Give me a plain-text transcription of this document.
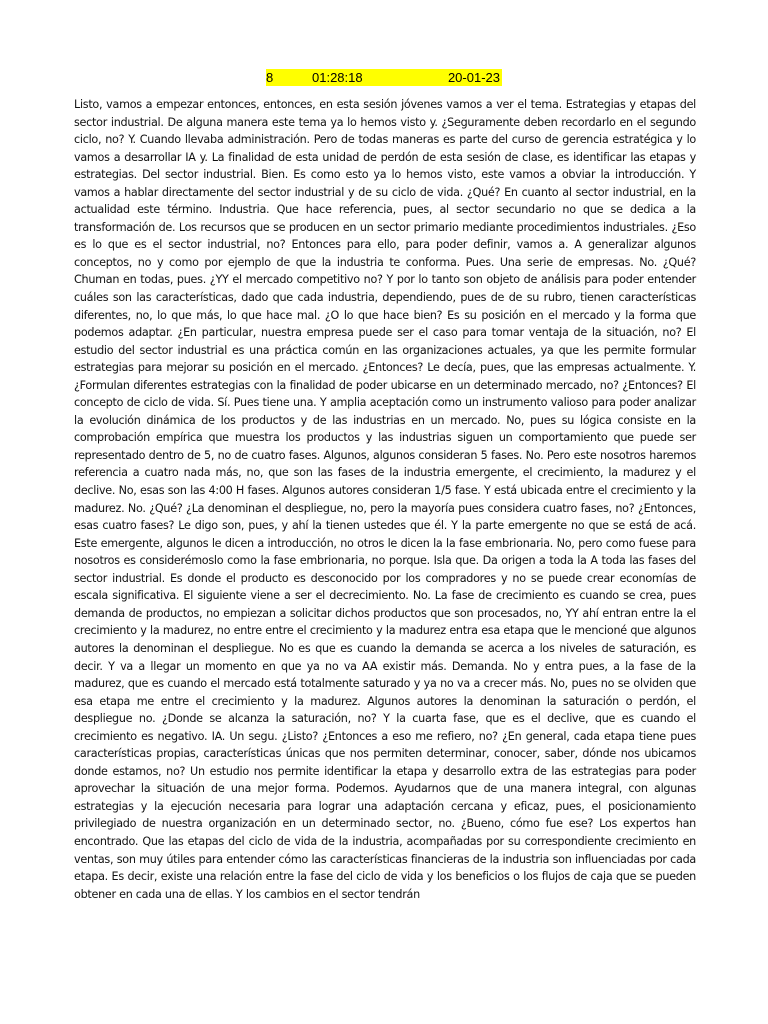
8	01:28:18	20-01-23

Listo, vamos a empezar entonces, entonces, en esta sesión jóvenes vamos a ver el tema. Estrategias y etapas del sector industrial. De alguna manera este tema ya lo hemos visto y. ¿Seguramente deben recordarlo en el segundo ciclo, no? Y. Cuando llevaba administración. Pero de todas maneras es parte del curso de gerencia estratégica y lo vamos a desarrollar IA y. La finalidad de esta unidad de perdón de esta sesión de clase, es identificar las etapas y estrategias. Del sector industrial. Bien. Es como esto ya lo hemos visto, este vamos a obviar la introducción. Y vamos a hablar directamente del sector industrial y de su ciclo de vida. ¿Qué? En cuanto al sector industrial, en la actualidad este término. Industria. Que hace referencia, pues, al sector secundario no que se dedica a la transformación de. Los recursos que se producen en un sector primario mediante procedimientos industriales. ¿Eso es lo que es el sector industrial, no? Entonces para ello, para poder definir, vamos a. A generalizar algunos conceptos, no y como por ejemplo de que la industria te conforma. Pues. Una serie de empresas. No. ¿Qué? Chuman en todas, pues. ¿YY el mercado competitivo no? Y por lo tanto son objeto de análisis para poder entender cuáles son las características, dado que cada industria, dependiendo, pues de de su rubro, tienen características diferentes, no, lo que más, lo que hace mal. ¿O lo que hace bien? Es su posición en el mercado y la forma que podemos adaptar. ¿En particular, nuestra empresa puede ser el caso para tomar ventaja de la situación, no? El estudio del sector industrial es una práctica común en las organizaciones actuales, ya que les permite formular estrategias para mejorar su posición en el mercado. ¿Entonces? Le decía, pues, que las empresas actualmente. Y. ¿Formulan diferentes estrategias con la finalidad de poder ubicarse en un determinado mercado, no? ¿Entonces? El concepto de ciclo de vida. Sí. Pues tiene una. Y amplia aceptación como un instrumento valioso para poder analizar la evolución dinámica de los productos y de las industrias en un mercado. No, pues su lógica consiste en la comprobación empírica que muestra los productos y las industrias siguen un comportamiento que puede ser representado dentro de 5, no de cuatro fases. Algunos, algunos consideran 5 fases. No. Pero este nosotros haremos referencia a cuatro nada más, no, que son las fases de la industria emergente, el crecimiento, la madurez y el declive. No, esas son las 4:00 H fases. Algunos autores consideran 1/5 fase. Y está ubicada entre el crecimiento y la madurez. No. ¿Qué? ¿La denominan el despliegue, no, pero la mayoría pues considera cuatro fases, no? ¿Entonces, esas cuatro fases? Le digo son, pues, y ahí la tienen ustedes que él. Y la parte emergente no que se está de acá. Este emergente, algunos le dicen a introducción, no otros le dicen la la fase embrionaria. No, pero como fuese para nosotros es considerémoslo como la fase embrionaria, no porque. Isla que. Da origen a toda la A toda las fases del sector industrial. Es donde el producto es desconocido por los compradores y no se puede crear economías de escala significativa. El siguiente viene a ser el decrecimiento. No. La fase de crecimiento es cuando se crea, pues demanda de productos, no empiezan a solicitar dichos productos que son procesados, no, YY ahí entran entre la el crecimiento y la madurez, no entre entre el crecimiento y la madurez entra esa etapa que le mencioné que algunos autores la denominan el despliegue. No es que es cuando la demanda se acerca a los niveles de saturación, es decir. Y va a llegar un momento en que ya no va AA existir más. Demanda. No y entra pues, a la fase de la madurez, que es cuando el mercado está totalmente saturado y ya no va a crecer más. No, pues no se olviden que esa etapa me entre el crecimiento y la madurez. Algunos autores la denominan la saturación o perdón, el despliegue no. ¿Donde se alcanza la saturación, no? Y la cuarta fase, que es el declive, que es cuando el crecimiento es negativo. IA. Un segu. ¿Listo? ¿Entonces a eso me refiero, no? ¿En general, cada etapa tiene pues características propias, características únicas que nos permiten determinar, conocer, saber, dónde nos ubicamos donde estamos, no? Un estudio nos permite identificar la etapa y desarrollo extra de las estrategias para poder aprovechar la situación de una mejor forma. Podemos. Ayudarnos que de una manera integral, con algunas estrategias y la ejecución necesaria para lograr una adaptación cercana y eficaz, pues, el posicionamiento privilegiado de nuestra organización en un determinado sector, no. ¿Bueno, cómo fue ese? Los expertos han encontrado. Que las etapas del ciclo de vida de la industria, acompañadas por su correspondiente crecimiento en ventas, son muy útiles para entender cómo las características financieras de la industria son influenciadas por cada etapa. Es decir, existe una relación entre la fase del ciclo de vida y los beneficios o los flujos de caja que se pueden obtener en cada una de ellas. Y los cambios en el sector tendrán
